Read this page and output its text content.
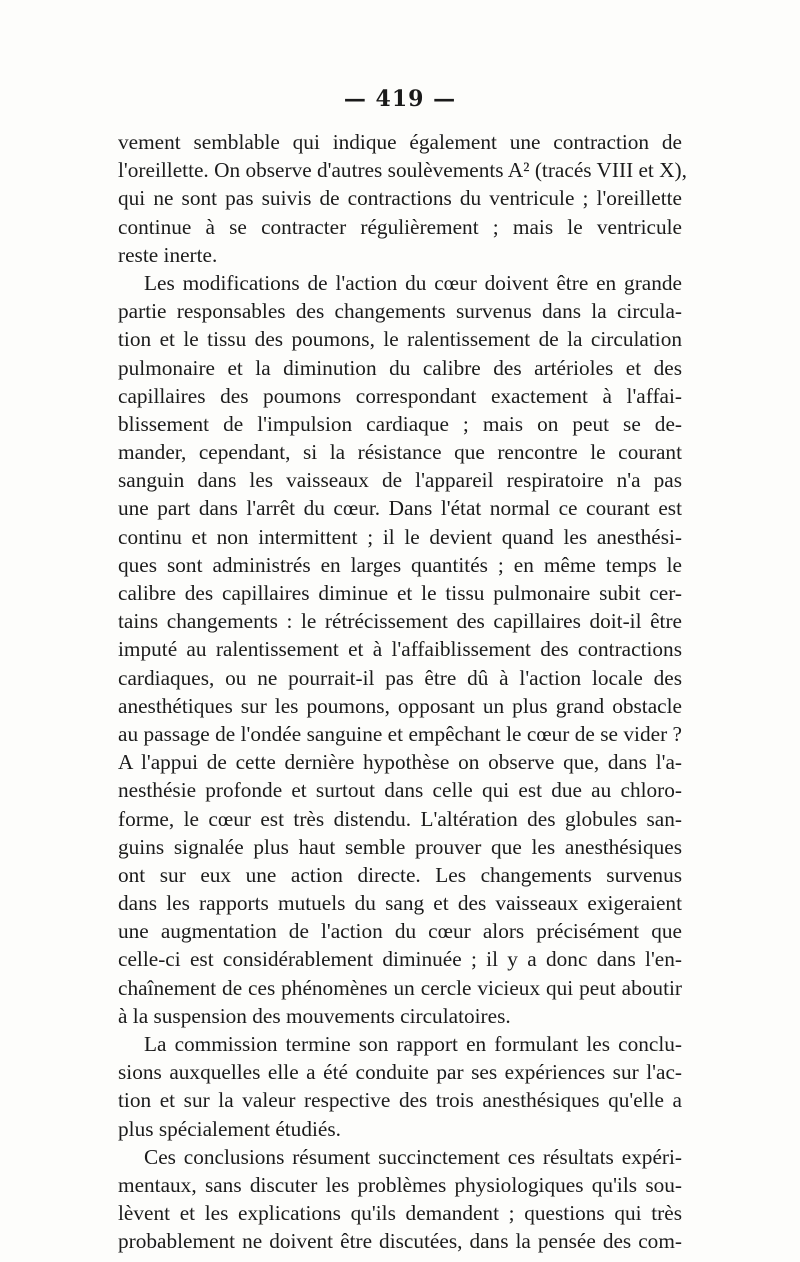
— 419 —
vement semblable qui indique également une contraction de
l'oreillette. On observe d'autres soulèvements A² (tracés VIII et X),
qui ne sont pas suivis de contractions du ventricule ; l'oreillette
continue à se contracter régulièrement ; mais le ventricule
reste inerte.
Les modifications de l'action du cœur doivent être en grande
partie responsables des changements survenus dans la circula-
tion et le tissu des poumons, le ralentissement de la circulation
pulmonaire et la diminution du calibre des artérioles et des
capillaires des poumons correspondant exactement à l'affai-
blissement de l'impulsion cardiaque ; mais on peut se de-
mander, cependant, si la résistance que rencontre le courant
sanguin dans les vaisseaux de l'appareil respiratoire n'a pas
une part dans l'arrêt du cœur. Dans l'état normal ce courant est
continu et non intermittent ; il le devient quand les anesthési-
ques sont administrés en larges quantités ; en même temps le
calibre des capillaires diminue et le tissu pulmonaire subit cer-
tains changements : le rétrécissement des capillaires doit-il être
imputé au ralentissement et à l'affaiblissement des contractions
cardiaques, ou ne pourrait-il pas être dû à l'action locale des
anesthétiques sur les poumons, opposant un plus grand obstacle
au passage de l'ondée sanguine et empêchant le cœur de se vider ?
A l'appui de cette dernière hypothèse on observe que, dans l'a-
nesthésie profonde et surtout dans celle qui est due au chloro-
forme, le cœur est très distendu. L'altération des globules san-
guins signalée plus haut semble prouver que les anesthésiques
ont sur eux une action directe. Les changements survenus
dans les rapports mutuels du sang et des vaisseaux exigeraient
une augmentation de l'action du cœur alors précisément que
celle-ci est considérablement diminuée ; il y a donc dans l'en-
chaînement de ces phénomènes un cercle vicieux qui peut aboutir
à la suspension des mouvements circulatoires.
La commission termine son rapport en formulant les conclu-
sions auxquelles elle a été conduite par ses expériences sur l'ac-
tion et sur la valeur respective des trois anesthésiques qu'elle a
plus spécialement étudiés.
Ces conclusions résument succinctement ces résultats expéri-
mentaux, sans discuter les problèmes physiologiques qu'ils sou-
lèvent et les explications qu'ils demandent ; questions qui très
probablement ne doivent être discutées, dans la pensée des com-
